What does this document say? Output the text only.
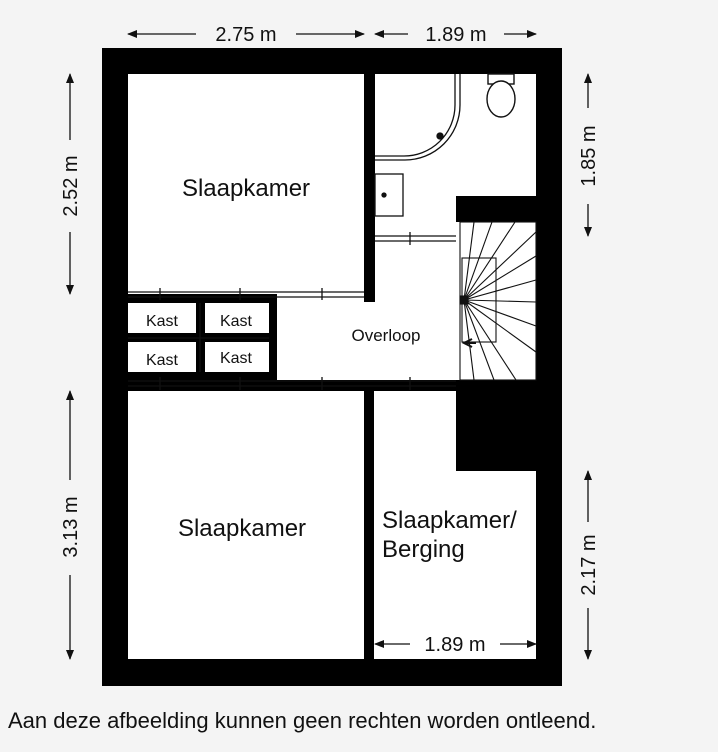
Slaapkamer
Slaapkamer	Slaapkamer/
Berging
Overloop
Kast	Kast
Kast	Kast
2.75 m	1.89 m
2.52 m
3.13 m
1.85 m
2.17 m
1.89 m
Aan deze afbeelding kunnen geen rechten worden ontleend.
